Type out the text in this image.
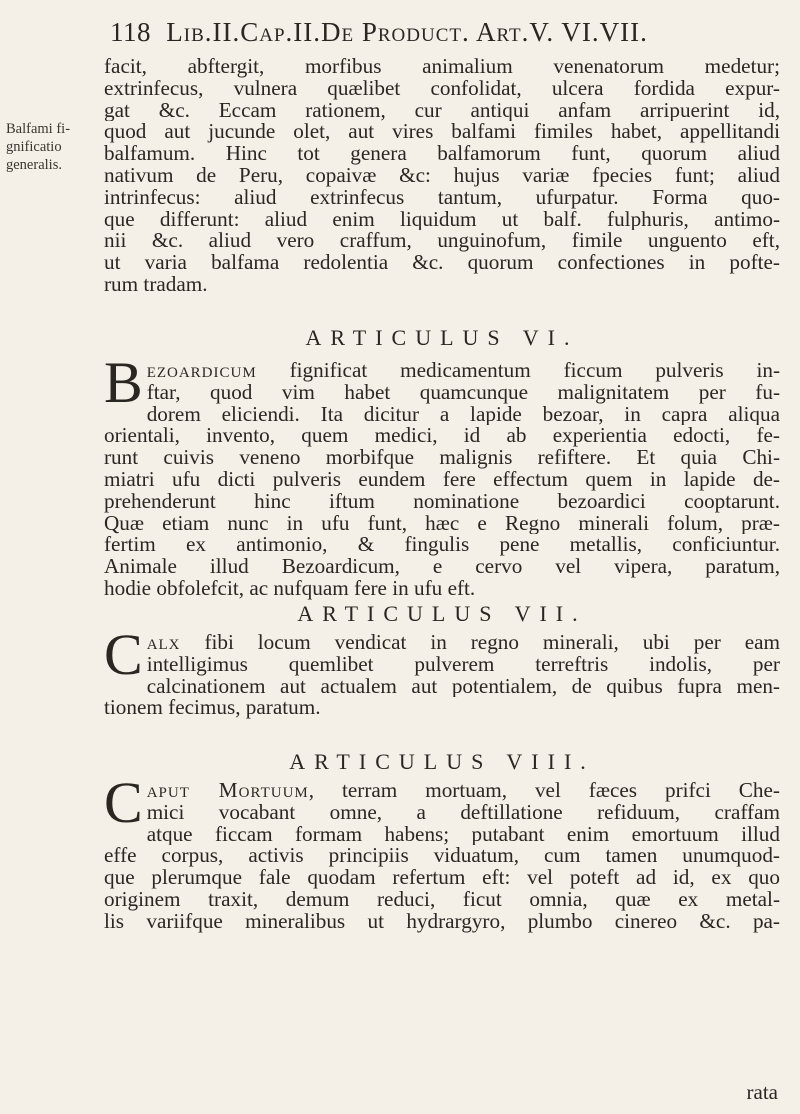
118 Lib.II.Cap.II.De Product. Art.V. VI.VII.
Balfami fi-gnificatio generalis.
facit, abftergit, morfibus animalium venenatorum medetur;
extrinfecus, vulnera quælibet confolidat, ulcera fordida expur-
gat &c. Eccam rationem, cur antiqui anfam arripuerint id,
quod aut jucunde olet, aut vires balfami fimiles habet, appellitandi
balfamum. Hinc tot genera balfamorum funt, quorum aliud
nativum de Peru, copaivæ &c: hujus variæ fpecies funt; aliud
intrinfecus: aliud extrinfecus tantum, ufurpatur. Forma quo-
que differunt: aliud enim liquidum ut balf. fulphuris, antimo-
nii &c. aliud vero craffum, unguinofum, fimile unguento eft,
ut varia balfama redolentia &c. quorum confectiones in pofte-
rum tradam.
ARTICULUS VI.
B ezoardicum fignificat medicamentum ficcum pulveris in-
ftar, quod vim habet quamcunque malignitatem per fu-
dorem eliciendi. Ita dicitur a lapide bezoar, in capra aliqua
orientali, invento, quem medici, id ab experientia edocti, fe-
runt cuivis veneno morbifque malignis refiftere. Et quia Chi-
miatri ufu dicti pulveris eundem fere effectum quem in lapide de-
prehenderunt hinc iftum nominatione bezoardici cooptarunt.
Quæ etiam nunc in ufu funt, hæc e Regno minerali folum, præ-
fertim ex antimonio, & fingulis pene metallis, conficiuntur.
Animale illud Bezoardicum, e cervo vel vipera, paratum,
hodie obfolefcit, ac nufquam fere in ufu eft.
ARTICULUS VII.
C alx fibi locum vendicat in regno minerali, ubi per eam
intelligimus quemlibet pulverem terreftris indolis, per
calcinationem aut actualem aut potentialem, de quibus fupra men-
tionem fecimus, paratum.
ARTICULUS VIII.
C aput Mortuum, terram mortuam, vel fæces prifci Che-
mici vocabant omne, a deftillatione refiduum, craffam
atque ficcam formam habens; putabant enim emortuum illud
effe corpus, activis principiis viduatum, cum tamen unumquod-
que plerumque fale quodam refertum eft: vel poteft ad id, ex quo
originem traxit, demum reduci, ficut omnia, quæ ex metal-
lis variifque mineralibus ut hydrargyro, plumbo cinereo &c. pa-
rata
